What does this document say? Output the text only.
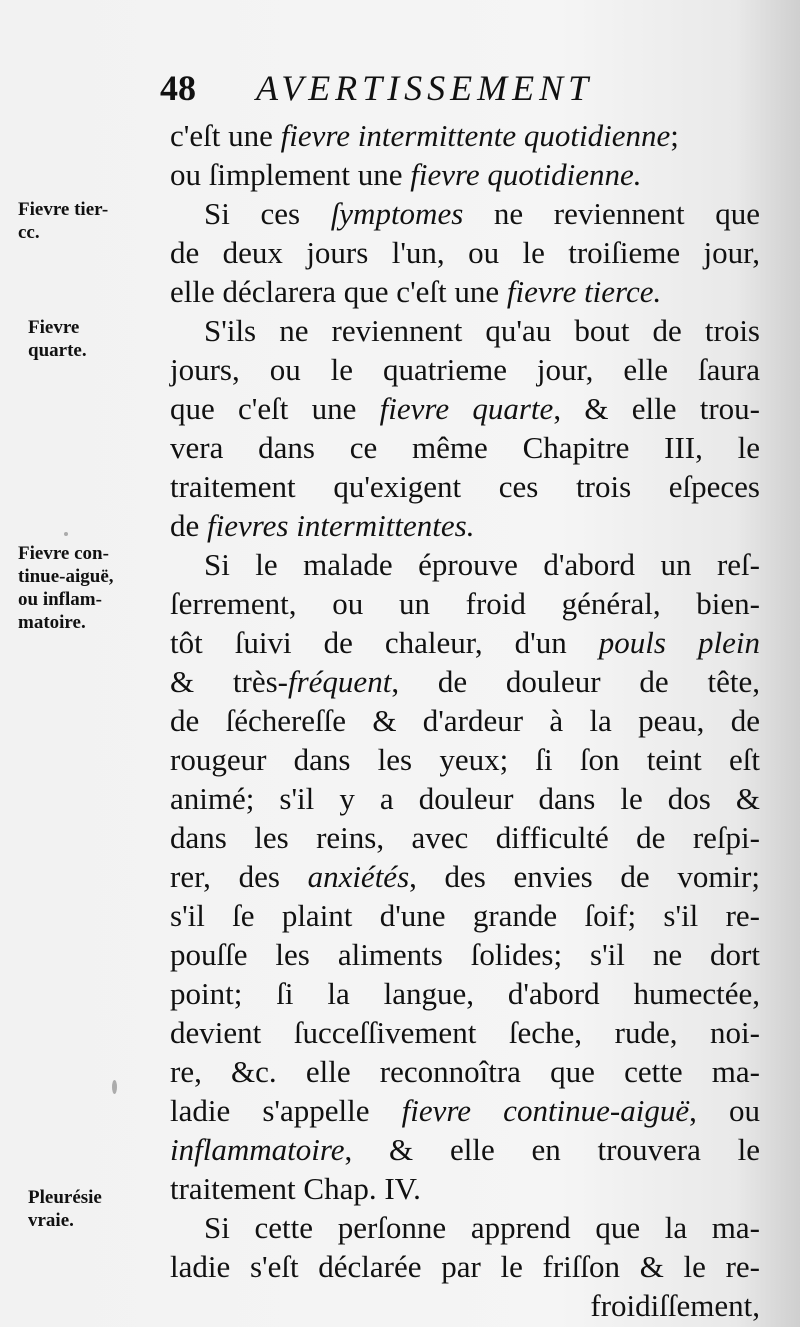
48 AVERTISSEMENT
Fievre tier-
cc.
Fievre
quarte.
Fievre con-
tinue-aiguë,
ou inflam-
matoire.
Pleurésie
vraie.
c'eſt une fievre intermittente quotidienne;
ou ſimplement une fievre quotidienne.
Si ces ſymptomes ne reviennent que
de deux jours l'un, ou le troiſieme jour,
elle déclarera que c'eſt une fievre tierce.
S'ils ne reviennent qu'au bout de trois
jours, ou le quatrieme jour, elle ſaura
que c'eſt une fievre quarte, & elle trou-
vera dans ce même Chapitre III, le
traitement qu'exigent ces trois eſpeces
de fievres intermittentes.
Si le malade éprouve d'abord un reſ-
ſerrement, ou un froid général, bien-
tôt ſuivi de chaleur, d'un pouls plein
& très-fréquent, de douleur de tête,
de ſéchereſſe & d'ardeur à la peau, de
rougeur dans les yeux; ſi ſon teint eſt
animé; s'il y a douleur dans le dos &
dans les reins, avec difficulté de reſpi-
rer, des anxiétés, des envies de vomir;
s'il ſe plaint d'une grande ſoif; s'il re-
pouſſe les aliments ſolides; s'il ne dort
point; ſi la langue, d'abord humectée,
devient ſucceſſivement ſeche, rude, noi-
re, &c. elle reconnoîtra que cette ma-
ladie s'appelle fievre continue-aiguë, ou
inflammatoire, & elle en trouvera le
traitement Chap. IV.
Si cette perſonne apprend que la ma-
ladie s'eſt déclarée par le friſſon & le re-
froidiſſement,
